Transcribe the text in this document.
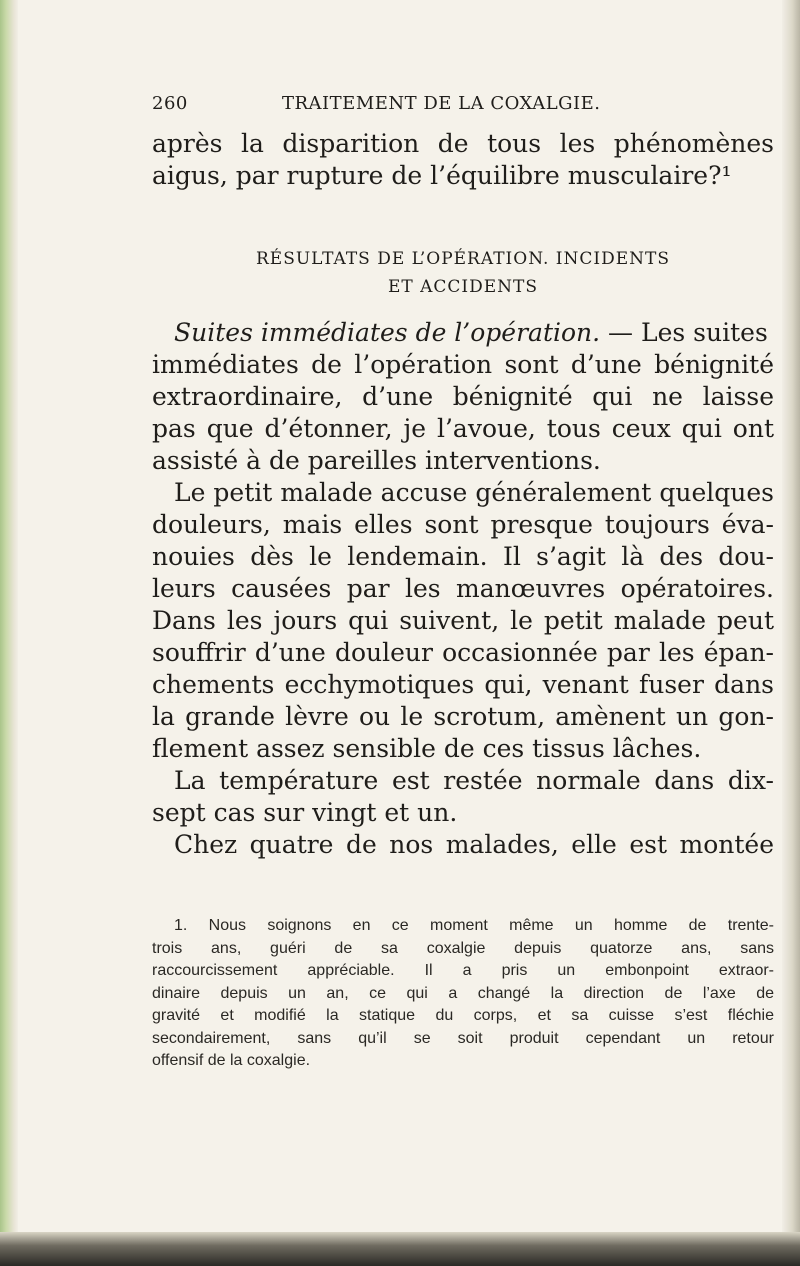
260	TRAITEMENT DE LA COXALGIE.
après la disparition de tous les phénomènes
aigus, par rupture de l’équilibre musculaire?¹
RÉSULTATS DE L’OPÉRATION. INCIDENTS
ET ACCIDENTS
Suites immédiates de l’opération. — Les suites
immédiates de l’opération sont d’une bénignité
extraordinaire, d’une bénignité qui ne laisse
pas que d’étonner, je l’avoue, tous ceux qui ont
assisté à de pareilles interventions.
Le petit malade accuse généralement quelques
douleurs, mais elles sont presque toujours éva-
nouies dès le lendemain. Il s’agit là des dou-
leurs causées par les manœuvres opératoires.
Dans les jours qui suivent, le petit malade peut
souffrir d’une douleur occasionnée par les épan-
chements ecchymotiques qui, venant fuser dans
la grande lèvre ou le scrotum, amènent un gon-
flement assez sensible de ces tissus lâches.
La température est restée normale dans dix-
sept cas sur vingt et un.
Chez quatre de nos malades, elle est montée
1. Nous soignons en ce moment même un homme de trente-
trois ans, guéri de sa coxalgie depuis quatorze ans, sans
raccourcissement appréciable. Il a pris un embonpoint extraor-
dinaire depuis un an, ce qui a changé la direction de l’axe de
gravité et modifié la statique du corps, et sa cuisse s’est fléchie
secondairement, sans qu’il se soit produit cependant un retour
offensif de la coxalgie.
